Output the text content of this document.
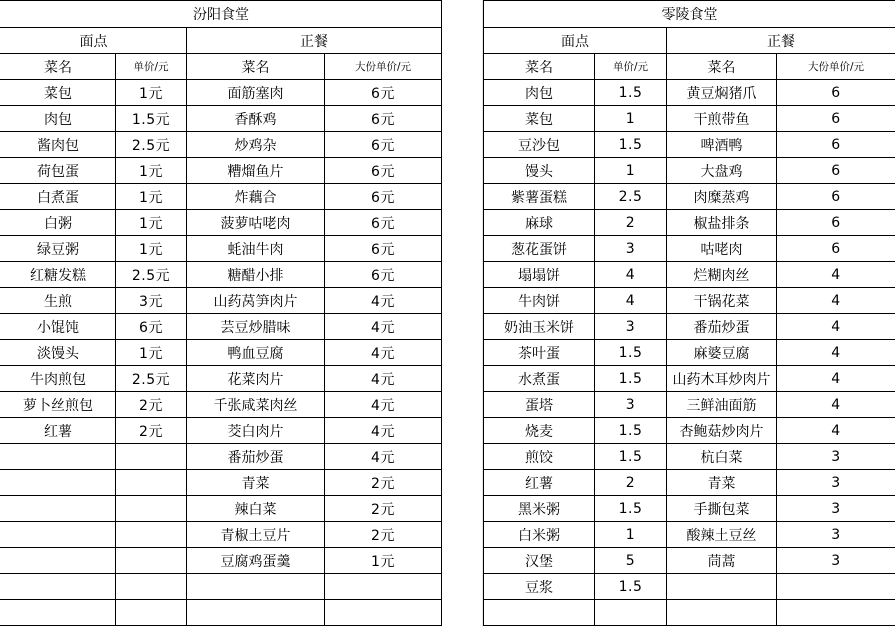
汾阳食堂			
面点		正餐	
菜名	单价/元	菜名	大份单价/元
菜包	1元	面筋塞肉	6元
肉包	1.5元	香酥鸡	6元
酱肉包	2.5元	炒鸡杂	6元
荷包蛋	1元	糟熘鱼片	6元
白煮蛋	1元	炸藕合	6元
白粥	1元	菠萝咕咾肉	6元
绿豆粥	1元	蚝油牛肉	6元
红糖发糕	2.5元	糖醋小排	6元
生煎	3元	山药莴笋肉片	4元
小馄饨	6元	芸豆炒腊味	4元
淡馒头	1元	鸭血豆腐	4元
牛肉煎包	2.5元	花菜肉片	4元
萝卜丝煎包	2元	千张咸菜肉丝	4元
红薯	2元	茭白肉片	4元
		番茄炒蛋	4元
		青菜	2元
		辣白菜	2元
		青椒土豆片	2元
		豆腐鸡蛋羹	1元

零陵食堂			
面点		正餐	
菜名	单价/元	菜名	大份单价/元
肉包	1.5	黄豆焖猪爪	6
菜包	1	干煎带鱼	6
豆沙包	1.5	啤酒鸭	6
馒头	1	大盘鸡	6
紫薯蛋糕	2.5	肉糜蒸鸡	6
麻球	2	椒盐排条	6
葱花蛋饼	3	咕咾肉	6
塌塌饼	4	烂糊肉丝	4
牛肉饼	4	干锅花菜	4
奶油玉米饼	3	番茄炒蛋	4
茶叶蛋	1.5	麻婆豆腐	4
水煮蛋	1.5	山药木耳炒肉片	4
蛋塔	3	三鲜油面筋	4
烧麦	1.5	杏鲍菇炒肉片	4
煎饺	1.5	杭白菜	3
红薯	2	青菜	3
黑米粥	1.5	手撕包菜	3
白米粥	1	酸辣土豆丝	3
汉堡	5	茼蒿	3
豆浆	1.5		
